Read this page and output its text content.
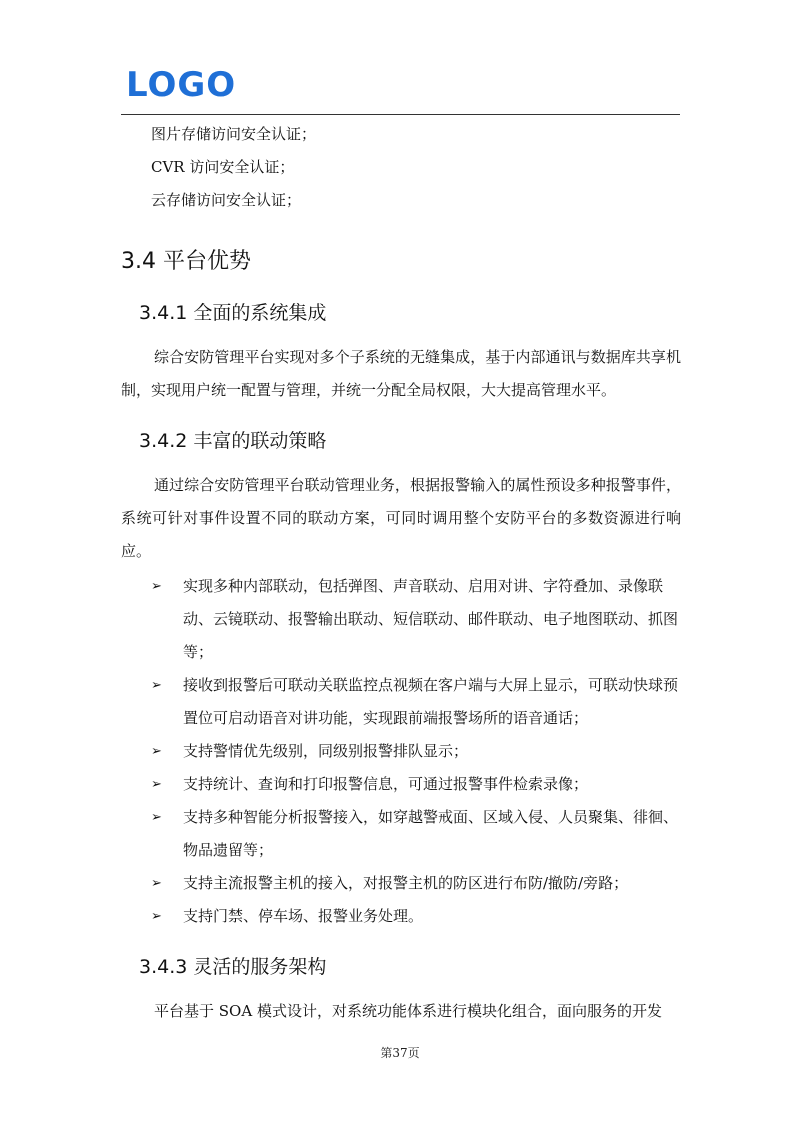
LOGO

图片存储访问安全认证；

CVR 访问安全认证；

云存储访问安全认证；

3.4 平台优势
3.4.1 全面的系统集成

综合安防管理平台实现对多个子系统的无缝集成，基于内部通讯与数据库共享机制，实现用户统一配置与管理，并统一分配全局权限，大大提高管理水平。

3.4.2 丰富的联动策略

通过综合安防管理平台联动管理业务，根据报警输入的属性预设多种报警事件，系统可针对事件设置不同的联动方案，可同时调用整个安防平台的多数资源进行响应。

➢ 实现多种内部联动，包括弹图、声音联动、启用对讲、字符叠加、录像联动、云镜联动、报警输出联动、短信联动、邮件联动、电子地图联动、抓图等；
➢ 接收到报警后可联动关联监控点视频在客户端与大屏上显示，可联动快球预置位可启动语音对讲功能，实现跟前端报警场所的语音通话；
➢ 支持警情优先级别，同级别报警排队显示；
➢ 支持统计、查询和打印报警信息，可通过报警事件检索录像；
➢ 支持多种智能分析报警接入，如穿越警戒面、区域入侵、人员聚集、徘徊、物品遗留等；
➢ 支持主流报警主机的接入，对报警主机的防区进行布防/撤防/旁路；
➢ 支持门禁、停车场、报警业务处理。
3.4.3 灵活的服务架构

平台基于 SOA 模式设计，对系统功能体系进行模块化组合，面向服务的开发

第37页
